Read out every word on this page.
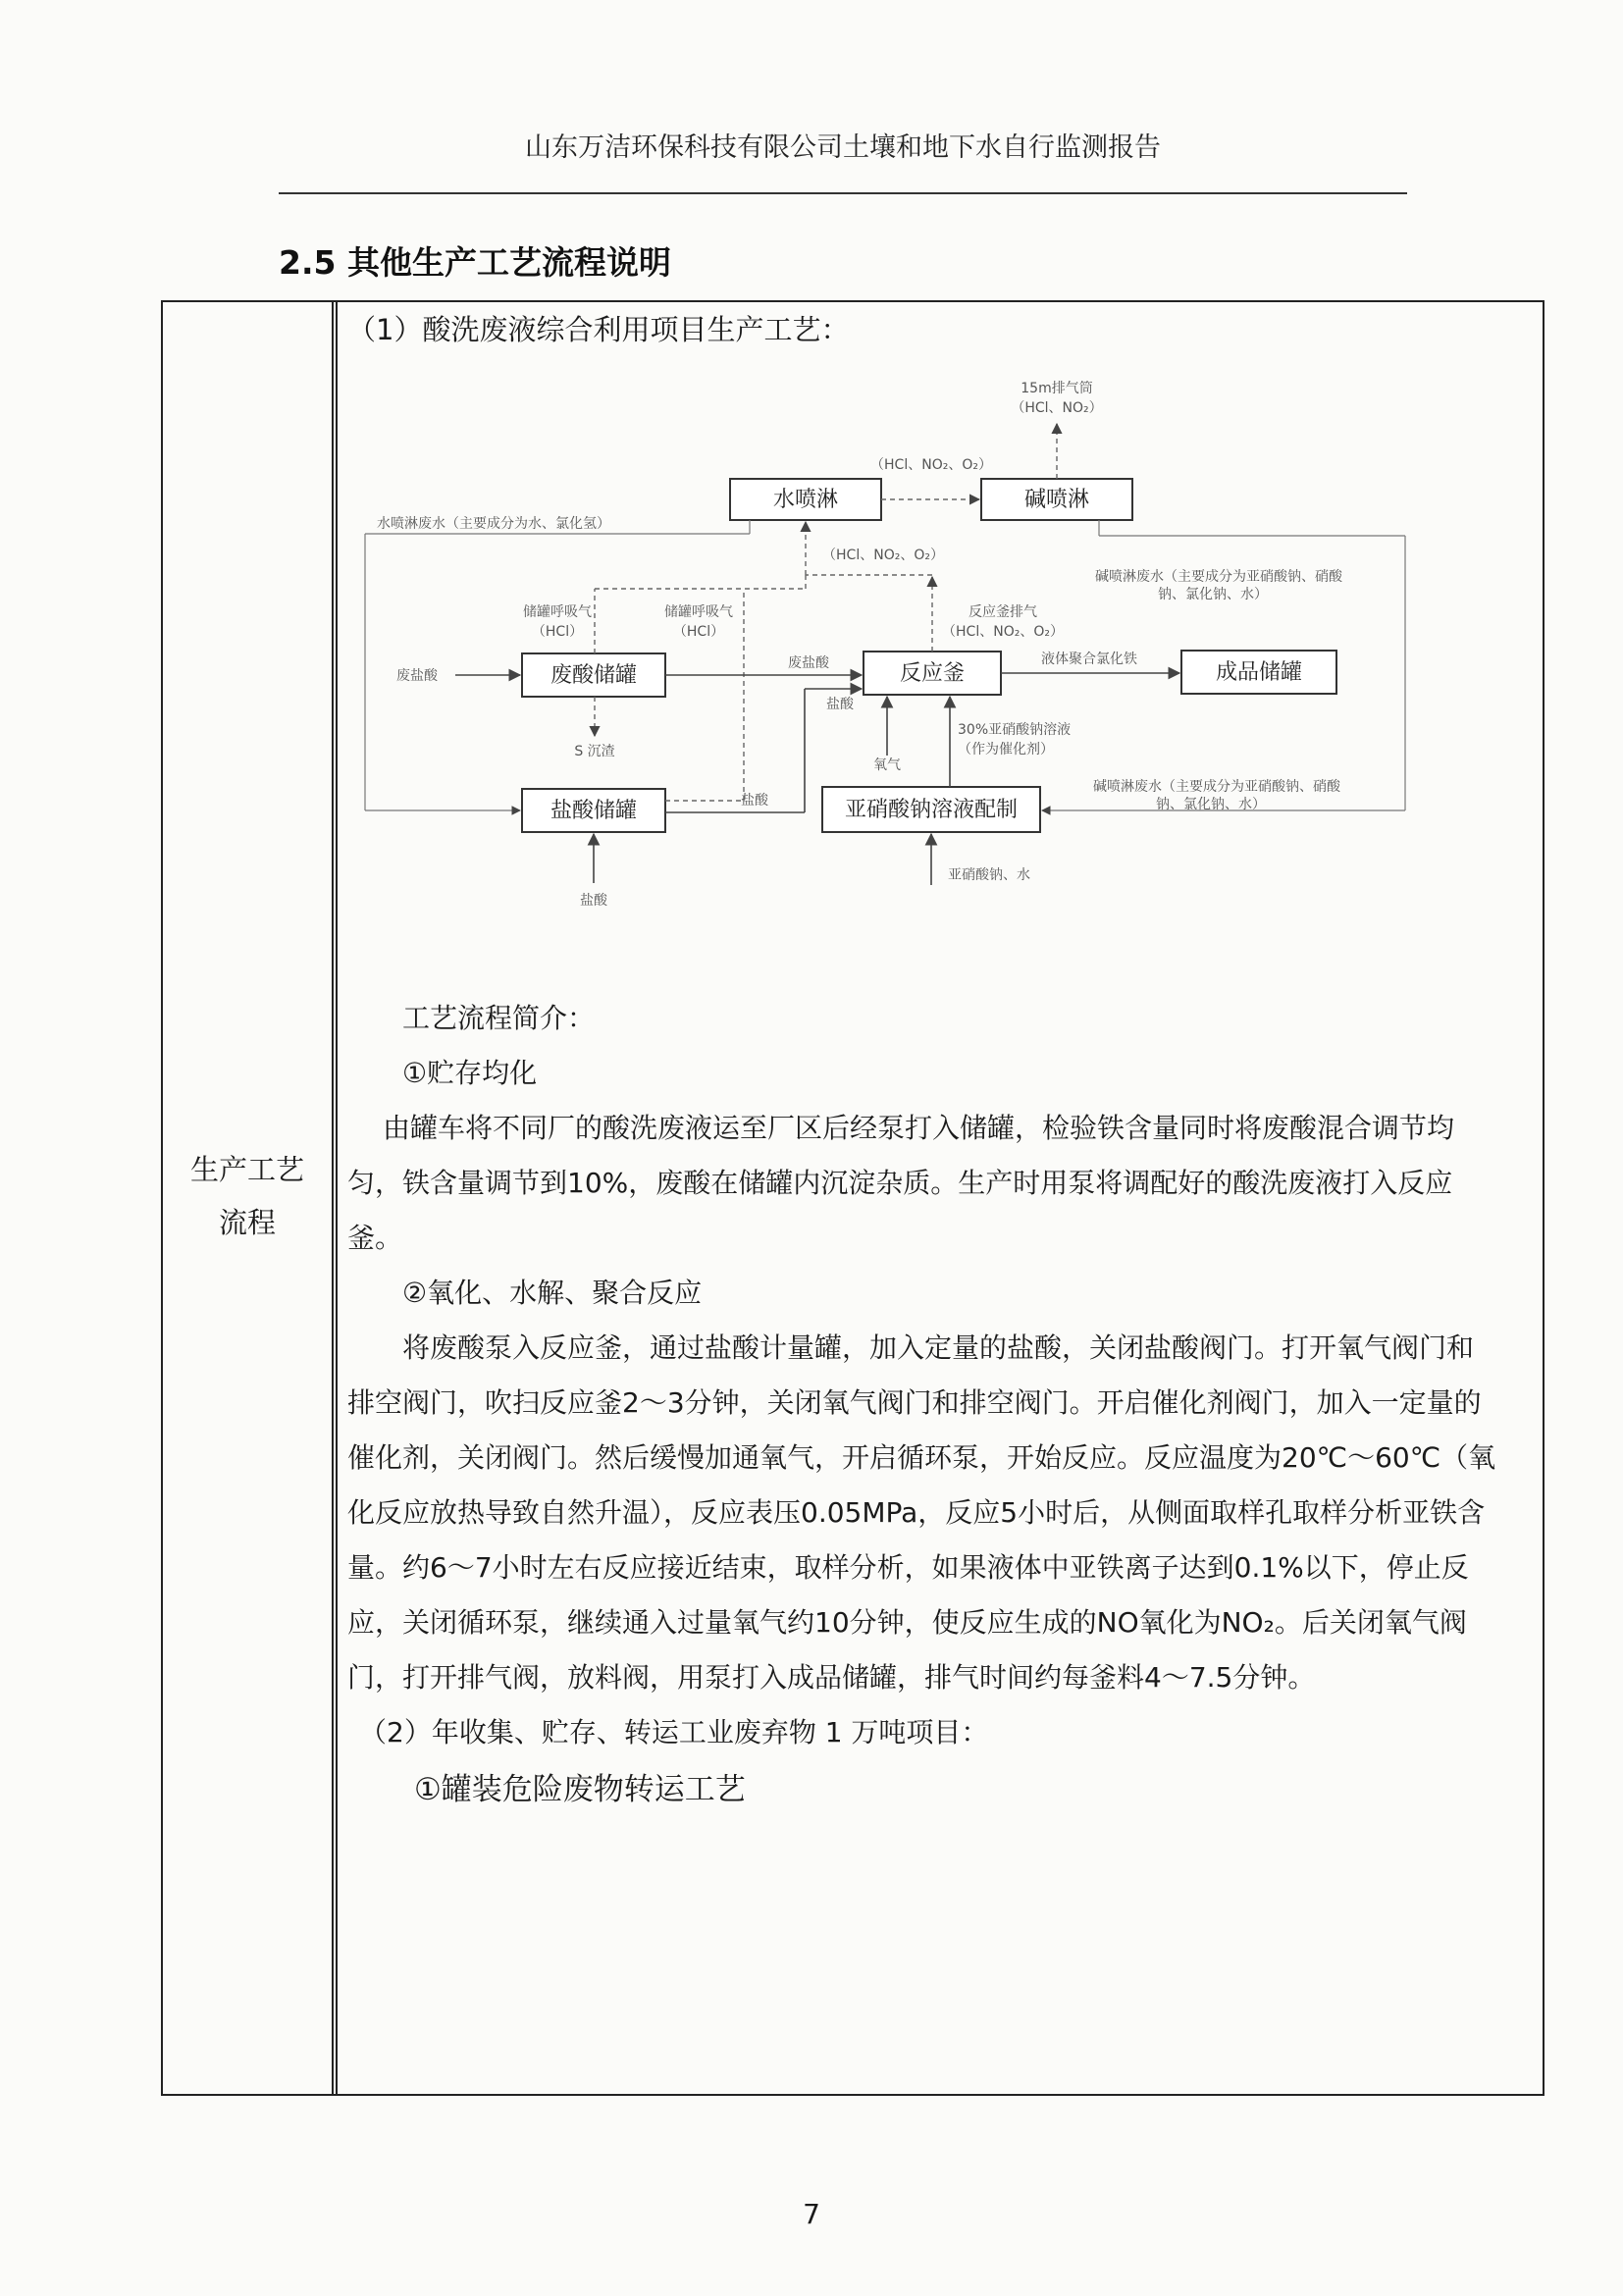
山东万洁环保科技有限公司土壤和地下水自行监测报告
2.5 其他生产工艺流程说明
生产工艺
流程
（1）酸洗废液综合利用项目生产工艺：
水喷淋	碱喷淋
废酸储罐	反应釜	成品储罐
盐酸储罐	亚硝酸钠溶液配制
15m排气筒
（HCl、NO₂）
（HCl、NO₂、O₂）
（HCl、NO₂、O₂）
水喷淋废水（主要成分为水、氯化氢）
碱喷淋废水（主要成分为亚硝酸钠、硝酸
钠、氯化钠、水）
储罐呼吸气
（HCl）
储罐呼吸气
（HCl）
反应釜排气
（HCl、NO₂、O₂）
废盐酸
废盐酸	液体聚合氯化铁
S 沉渣
盐酸
盐酸
氧气
30%亚硝酸钠溶液
（作为催化剂）
碱喷淋废水（主要成分为亚硝酸钠、硝酸
钠、氯化钠、水）
盐酸
亚硝酸钠、水

工艺流程简介：

①贮存均化

由罐车将不同厂的酸洗废液运至厂区后经泵打入储罐，检验铁含量同时将废酸混合调节均

匀，铁含量调节到10%，废酸在储罐内沉淀杂质。生产时用泵将调配好的酸洗废液打入反应

釜。

②氧化、水解、聚合反应

将废酸泵入反应釜，通过盐酸计量罐，加入定量的盐酸，关闭盐酸阀门。打开氧气阀门和

排空阀门，吹扫反应釜2～3分钟，关闭氧气阀门和排空阀门。开启催化剂阀门，加入一定量的

催化剂，关闭阀门。然后缓慢加通氧气，开启循环泵，开始反应。反应温度为20℃～60℃（氧

化反应放热导致自然升温），反应表压0.05MPa，反应5小时后，从侧面取样孔取样分析亚铁含

量。约6～7小时左右反应接近结束，取样分析，如果液体中亚铁离子达到0.1%以下，停止反

应，关闭循环泵，继续通入过量氧气约10分钟，使反应生成的NO氧化为NO₂。后关闭氧气阀

门，打开排气阀，放料阀，用泵打入成品储罐，排气时间约每釜料4～7.5分钟。

（2）年收集、贮存、转运工业废弃物 1 万吨项目：

①罐装危险废物转运工艺

7
